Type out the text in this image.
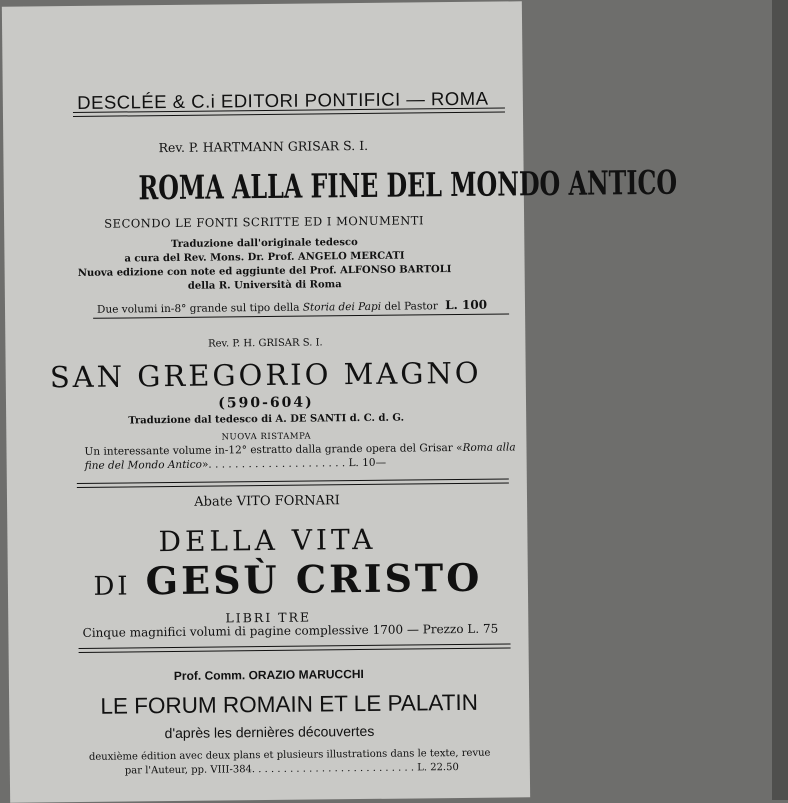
DESCLÉE & C.i EDITORI PONTIFICI — ROMA
Rev. P. HARTMANN GRISAR S. I.
ROMA ALLA FINE DEL MONDO ANTICO
SECONDO LE FONTI SCRITTE ED I MONUMENTI
Traduzione dall'originale tedesco
a cura del Rev. Mons. Dr. Prof. ANGELO MERCATI
Nuova edizione con note ed aggiunte del Prof. ALFONSO BARTOLI
della R. Università di Roma
Due volumi in-8° grande sul tipo della Storia dei Papi del Pastor L. 100
Rev. P. H. GRISAR S. I.
SAN GREGORIO MAGNO
(590-604)
Traduzione dal tedesco di A. DE SANTI d. C. d. G.
NUOVA RISTAMPA
Un interessante volume in-12° estratto dalla grande opera del Grisar «Roma alla
fine del Mondo Antico». . . . . . . . . . . . . . . . . . . . . L. 10—
Abate VITO FORNARI
DELLA VITA
DI GESÙ CRISTO
LIBRI TRE
Cinque magnifici volumi di pagine complessive 1700 — Prezzo L. 75
Prof. Comm. ORAZIO MARUCCHI
LE FORUM ROMAIN ET LE PALATIN
d'après les dernières découvertes
deuxième édition avec deux plans et plusieurs illustrations dans le texte, revue
par l'Auteur, pp. VIII-384. . . . . . . . . . . . . . . . . . . . . . . . . . L. 22.50
